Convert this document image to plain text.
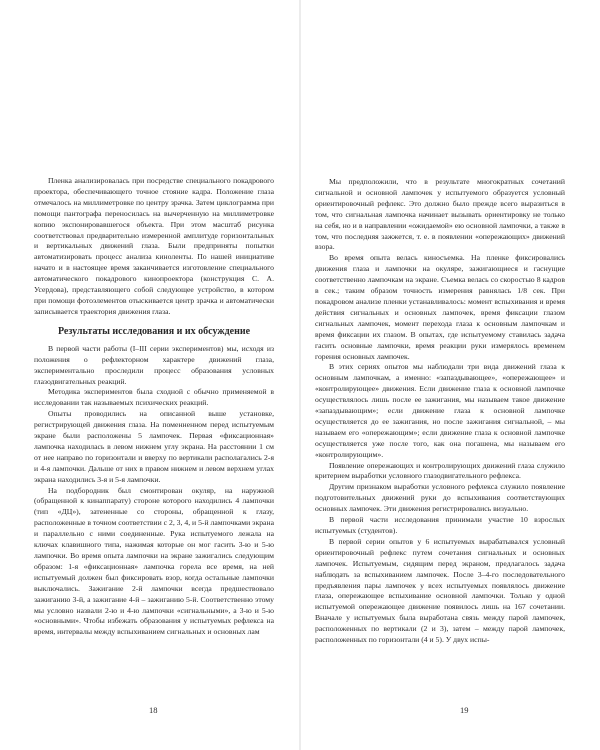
Пленка анализировалась при посредстве специального покадрового проектора, обеспечивающего точное стояние кадра. Положение глаза отмечалось на миллиметровке по центру зрачка. Затем циклограмма при помощи пантографа переносилась на вычерченную на миллиметровке копию экспонировавшегося объекта. При этом масштаб рисунка соответствовал предварительно измеренной амплитуде горизонтальных и вертикальных движений глаза. Были предприняты попытки автоматизировать процесс анализа киноленты. По нашей инициативе начато и в настоящее время заканчивается изготовление специального автоматического покадрового кинопроектора (конструкция С. А. Усердова), представляющего собой следующее устройство, в котором при помощи фотоэлементов отыскивается центр зрачка и автоматически записывается траектория движения глаза.

Результаты исследования и их обсуждение

В первой части работы (I–III серии экспериментов) мы, исходя из положения о рефлекторном характере движений глаза, экспериментально проследили процесс образования условных глазодвигательных реакций.

Методика экспериментов была сходной с обычно применяемой в исследовании так называемых психических реакций.

Опыты проводились на описанной выше установке, регистрирующей движения глаза. На поменненном перед испытуемым экране были расположены 5 лампочек. Первая «фиксационная» лампочка находилась в левом нижнем углу экрана. На расстоянии 1 см от нее направо по горизонтали и вверху по вертикали располагались 2-я и 4-я лампочки. Дальше от них в правом нижнем и левом верхнем углах экрана находились 3-я и 5-я лампочки.

На подбородник был смонтирован окуляр, на наружной (обращенной к кинаппарату) стороне которого находились 4 лампочки (тип «ДЦ»), затененные со стороны, обращенной к глазу, расположенные в точном соответствии с 2, 3, 4, и 5-й лампочками экрана и параллельно с ними соединенные. Рука испытуемого лежала на ключах клавишного типа, нажимая которые он мог гасить 3-ю и 5-ю лампочки. Во время опыта лампочки на экране зажигались следующим образом: 1-я «фиксационная» лампочка горела все время, на ней испытуемый должен был фиксировать взор, когда остальные лампочки выключались. Зажигание 2-й лампочки всегда предшествовало зажиганию 3-й, а зажигание 4-й – зажиганию 5-й. Соответственно этому мы условно назвали 2-ю и 4-ю лампочки «сигнальными», а 3-ю и 5-ю «основными». Чтобы избежать образования у испытуемых рефлекса на время, интервалы между вспыхиванием сигнальных и основных лам

18

Мы предположили, что в результате многократных сочетаний сигнальной и основной лампочек у испытуемого образуется условный ориентировочный рефлекс. Это должно было прежде всего выразиться в том, что сигнальная лампочка начинает вызывать ориентировку не только на себя, но и в направлении «ожидаемой» ею основной лампочки, а также в том, что последняя зажжется, т. е. в появлении «опережающих» движений взора.

Во время опыта велась киносъемка. На пленке фиксировались движения глаза и лампочки на окуляре, зажигающиеся и гаснущие соответственно лампочкам на экране. Съемка велась со скоростью 8 кадров в сек.; таким образом точность измерения равнялась 1/8 сек. При покадровом анализе пленки устанавливалось: момент вспыхивания и время действия сигнальных и основных лампочек, время фиксации глазом сигнальных лампочек, момент перехода глаза к основным лампочкам и время фиксации их глазом. В опытах, где испытуемому ставилась задача гасить основные лампочки, время реакции руки измерялось временем горения основных лампочек.

В этих сериях опытов мы наблюдали три вида движений глаза к основным лампочкам, а именно: «запаздывающее», «опережающее» и «контролирующее» движения. Если движение глаза к основной лампочке осуществлялось лишь после ее зажигания, мы называем такое движение «запаздывающим»; если движение глаза к основной лампочке осуществляется до ее зажигания, но после зажигания сигнальной, – мы называем его «опережающим»; если движение глаза к основной лампочке осуществляется уже после того, как она погашена, мы называем его «контролирующим».

Появление опережающих и контролирующих движений глаза служило критерием выработки условного глазодвигательного рефлекса.

Другим признаком выработки условного рефлекса служило появление подготовительных движений руки до вспыхивания соответствующих основных лампочек. Эти движения регистрировались визуально.

В первой части исследования принимали участие 10 взрослых испытуемых (студентов).

В первой серии опытов у 6 испытуемых вырабатывался условный ориентировочный рефлекс путем сочетания сигнальных и основных лампочек. Испытуемым, сидящим перед экраном, предлагалось задача наблюдать за вспыхиванием лампочек. После 3–4-го последовательного предъявления пары лампочек у всех испытуемых появлялось движение глаза, опережающее вспыхивание основной лампочки. Только у одной испытуемой опережающее движение появилось лишь на 167 сочетании. Вначале у испытуемых была выработана связь между парой лампочек, расположенных по вертикали (2 и 3), затем – между парой лампочек, расположенных по горизонтали (4 и 5). У двух испы-

19
